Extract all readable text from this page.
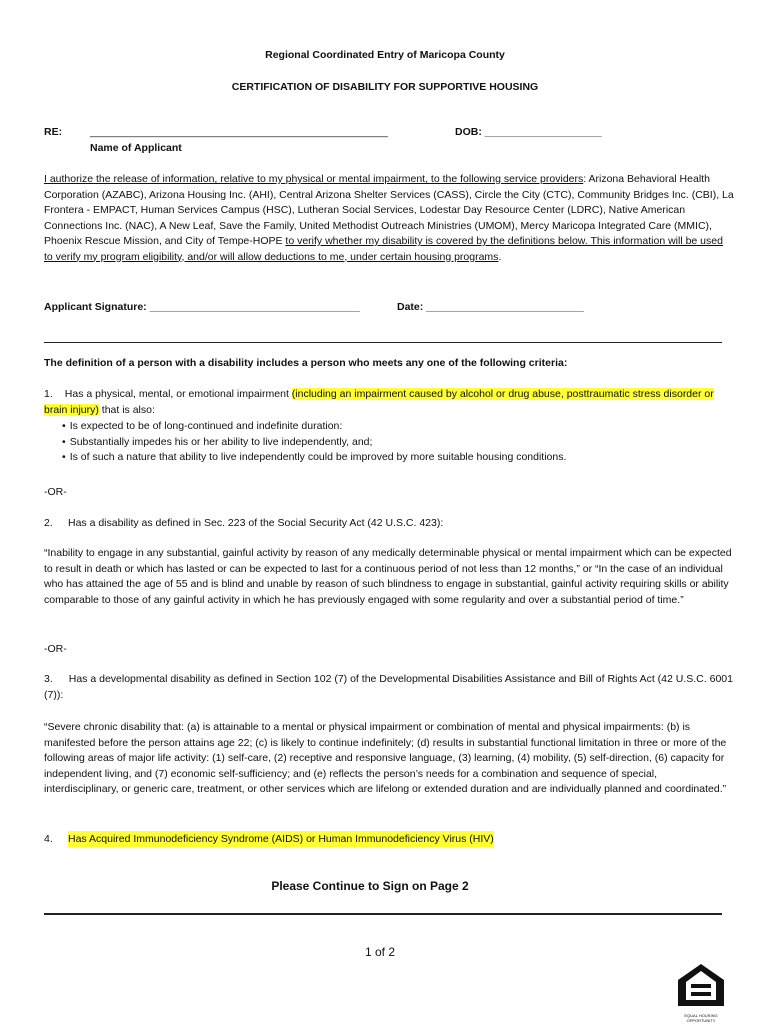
Regional Coordinated Entry of Maricopa County
CERTIFICATION OF DISABILITY FOR SUPPORTIVE HOUSING
RE:	___________________________________________________	DOB: ____________________
Name of Applicant
I authorize the release of information, relative to my physical or mental impairment, to the following service providers: Arizona Behavioral Health Corporation (AZABC), Arizona Housing Inc. (AHI), Central Arizona Shelter Services (CASS), Circle the City (CTC), Community Bridges Inc. (CBI), La Frontera - EMPACT, Human Services Campus (HSC), Lutheran Social Services, Lodestar Day Resource Center (LDRC), Native American Connections Inc. (NAC), A New Leaf, Save the Family, United Methodist Outreach Ministries (UMOM), Mercy Maricopa Integrated Care (MMIC), Phoenix Rescue Mission, and City of Tempe-HOPE to verify whether my disability is covered by the definitions below. This information will be used to verify my program eligibility, and/or will allow deductions to me, under certain housing programs.
Applicant Signature: ____________________________________	Date: ___________________________
The definition of a person with a disability includes a person who meets any one of the following criteria:
1. Has a physical, mental, or emotional impairment (including an impairment caused by alcohol or drug abuse, posttraumatic stress disorder or brain injury) that is also:
• Is expected to be of long-continued and indefinite duration:
• Substantially impedes his or her ability to live independently, and;
• Is of such a nature that ability to live independently could be improved by more suitable housing conditions.
-OR-
2. Has a disability as defined in Sec. 223 of the Social Security Act (42 U.S.C. 423):
“Inability to engage in any substantial, gainful activity by reason of any medically determinable physical or mental impairment which can be expected to result in death or which has lasted or can be expected to last for a continuous period of not less than 12 months,” or “In the case of an individual who has attained the age of 55 and is blind and unable by reason of such blindness to engage in substantial, gainful activity requiring skills or ability comparable to those of any gainful activity in which he has previously engaged with some regularity and over a substantial period of time.”
-OR-
3. Has a developmental disability as defined in Section 102 (7) of the Developmental Disabilities Assistance and Bill of Rights Act (42 U.S.C. 6001 (7)):
“Severe chronic disability that: (a) is attainable to a mental or physical impairment or combination of mental and physical impairments: (b) is manifested before the person attains age 22; (c) is likely to continue indefinitely; (d) results in substantial functional limitation in three or more of the following areas of major life activity: (1) self-care, (2) receptive and responsive language, (3) learning, (4) mobility, (5) self-direction, (6) capacity for independent living, and (7) economic self-sufficiency; and (e) reflects the person’s needs for a combination and sequence of special, interdisciplinary, or generic care, treatment, or other services which are lifelong or extended duration and are individually planned and coordinated.”
4. Has Acquired Immunodeficiency Syndrome (AIDS) or Human Immunodeficiency Virus (HIV)
Please Continue to Sign on Page 2
1 of 2
EQUAL HOUSING OPPORTUNITY
